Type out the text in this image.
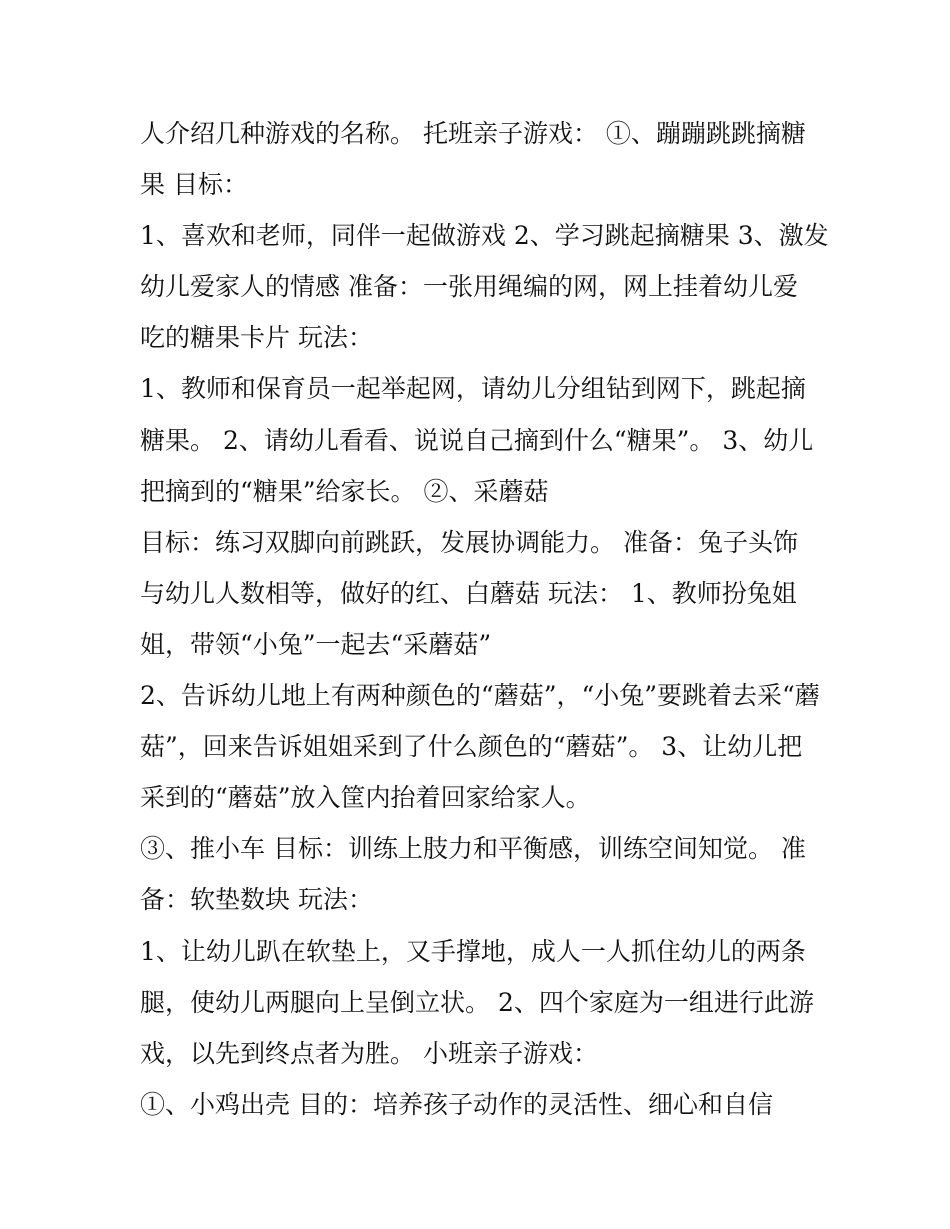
人介绍几种游戏的名称。 托班亲子游戏： ①、蹦蹦跳跳摘糖
果 目标：
1、喜欢和老师，同伴一起做游戏 2、学习跳起摘糖果 3、激发
幼儿爱家人的情感 准备：一张用绳编的网，网上挂着幼儿爱
吃的糖果卡片 玩法：
1、教师和保育员一起举起网，请幼儿分组钻到网下，跳起摘
糖果。 2、请幼儿看看、说说自己摘到什么“糖果”。 3、幼儿
把摘到的“糖果”给家长。 ②、采蘑菇
目标：练习双脚向前跳跃，发展协调能力。 准备：兔子头饰
与幼儿人数相等，做好的红、白蘑菇 玩法： 1、教师扮兔姐
姐，带领“小兔”一起去“采蘑菇”
2、告诉幼儿地上有两种颜色的“蘑菇”，“小兔”要跳着去采“蘑
菇”，回来告诉姐姐采到了什么颜色的“蘑菇”。 3、让幼儿把
采到的“蘑菇”放入筐内抬着回家给家人。
③、推小车 目标：训练上肢力和平衡感，训练空间知觉。 准
备：软垫数块 玩法：
1、让幼儿趴在软垫上，又手撑地，成人一人抓住幼儿的两条
腿，使幼儿两腿向上呈倒立状。 2、四个家庭为一组进行此游
戏，以先到终点者为胜。 小班亲子游戏：
①、小鸡出壳 目的：培养孩子动作的灵活性、细心和自信
